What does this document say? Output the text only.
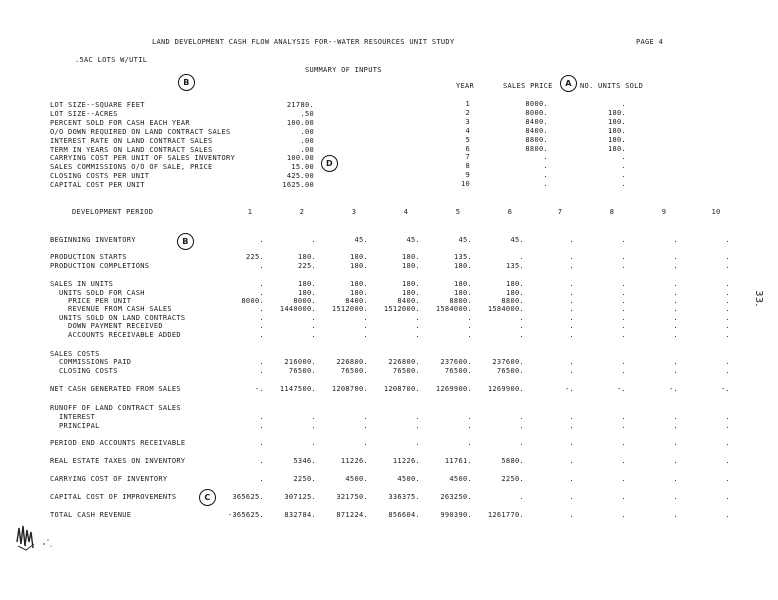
LAND DEVELOPMENT CASH FLOW ANALYSIS FOR--WATER RESOURCES UNIT STUDY	PAGE 4
.5AC LOTS W/UTIL
SUMMARY OF INPUTS
B	A
D
B
C
LOT SIZE--SQUARE FEET	21780.
LOT SIZE--ACRES	.50
PERCENT SOLD FOR CASH EACH YEAR	100.00
O/O DOWN REQUIRED ON LAND CONTRACT SALES	.00
INTEREST RATE ON LAND CONTRACT SALES	.00
TERM IN YEARS ON LAND CONTRACT SALES	.00
CARRYING COST PER UNIT OF SALES INVENTORY	100.00
SALES COMMISSIONS O/O OF SALE, PRICE	15.00
CLOSING COSTS PER UNIT	425.00
CAPITAL COST PER UNIT	1625.00
YEAR	SALES PRICE	NO. UNITS SOLD
1	8000.	.
2	8000.	180.
3	8400.	180.
4	8400.	180.
5	8800.	180.
6	8800.	180.
7	.	.
8	.	.
9	.	.
10	.	.
DEVELOPMENT PERIOD	1	2	3	4	5	6	7	8	9	10
BEGINNING INVENTORY	.	.	45.	45.	45.	45.	.	.	.	.
PRODUCTION STARTS	225.	180.	180.	180.	135.	.	.	.	.	.
PRODUCTION COMPLETIONS	.	225.	180.	180.	180.	135.	.	.	.	.
SALES IN UNITS	.	180.	180.	180.	180.	180.	.	.	.	.
UNITS SOLD FOR CASH	.	180.	180.	180.	180.	180.	.	.	.	.
PRICE PER UNIT	8000.	8000.	8400.	8400.	8800.	8800.	.	.	.	.
REVENUE FROM CASH SALES	.	1440000.	1512000.	1512000.	1584000.	1584000.	.	.	.	.
UNITS SOLD ON LAND CONTRACTS	.	.	.	.	.	.	.	.	.	.
DOWN PAYMENT RECEIVED	.	.	.	.	.	.	.	.	.	.
ACCOUNTS RECEIVABLE ADDED	.	.	.	.	.	.	.	.	.	.
SALES COSTS
COMMISSIONS PAID	.	216000.	226800.	226800.	237600.	237600.	.	.	.	.
CLOSING COSTS	.	76500.	76500.	76500.	76500.	76500.	.	.	.	.
NET CASH GENERATED FROM SALES	-.	1147500.	1208700.	1208700.	1269900.	1269900.	-.	-.	-.	-.
RUNOFF OF LAND CONTRACT SALES
INTEREST	.	.	.	.	.	.	.	.	.	.
PRINCIPAL	.	.	.	.	.	.	.	.	.	.
PERIOD END ACCOUNTS RECEIVABLE	.	.	.	.	.	.	.	.	.	.
REAL ESTATE TAXES ON INVENTORY	.	5346.	11226.	11226.	11761.	5880.	.	.	.	.
CARRYING COST OF INVENTORY	.	2250.	4500.	4500.	4500.	2250.	.	.	.	.
CAPITAL COST OF IMPROVEMENTS	365625.	307125.	321750.	336375.	263250.	.	.	.	.	.
TOTAL CASH REVENUE	-365625.	832784.	871224.	856604.	990390.	1261770.	.	.	.	.
33.
